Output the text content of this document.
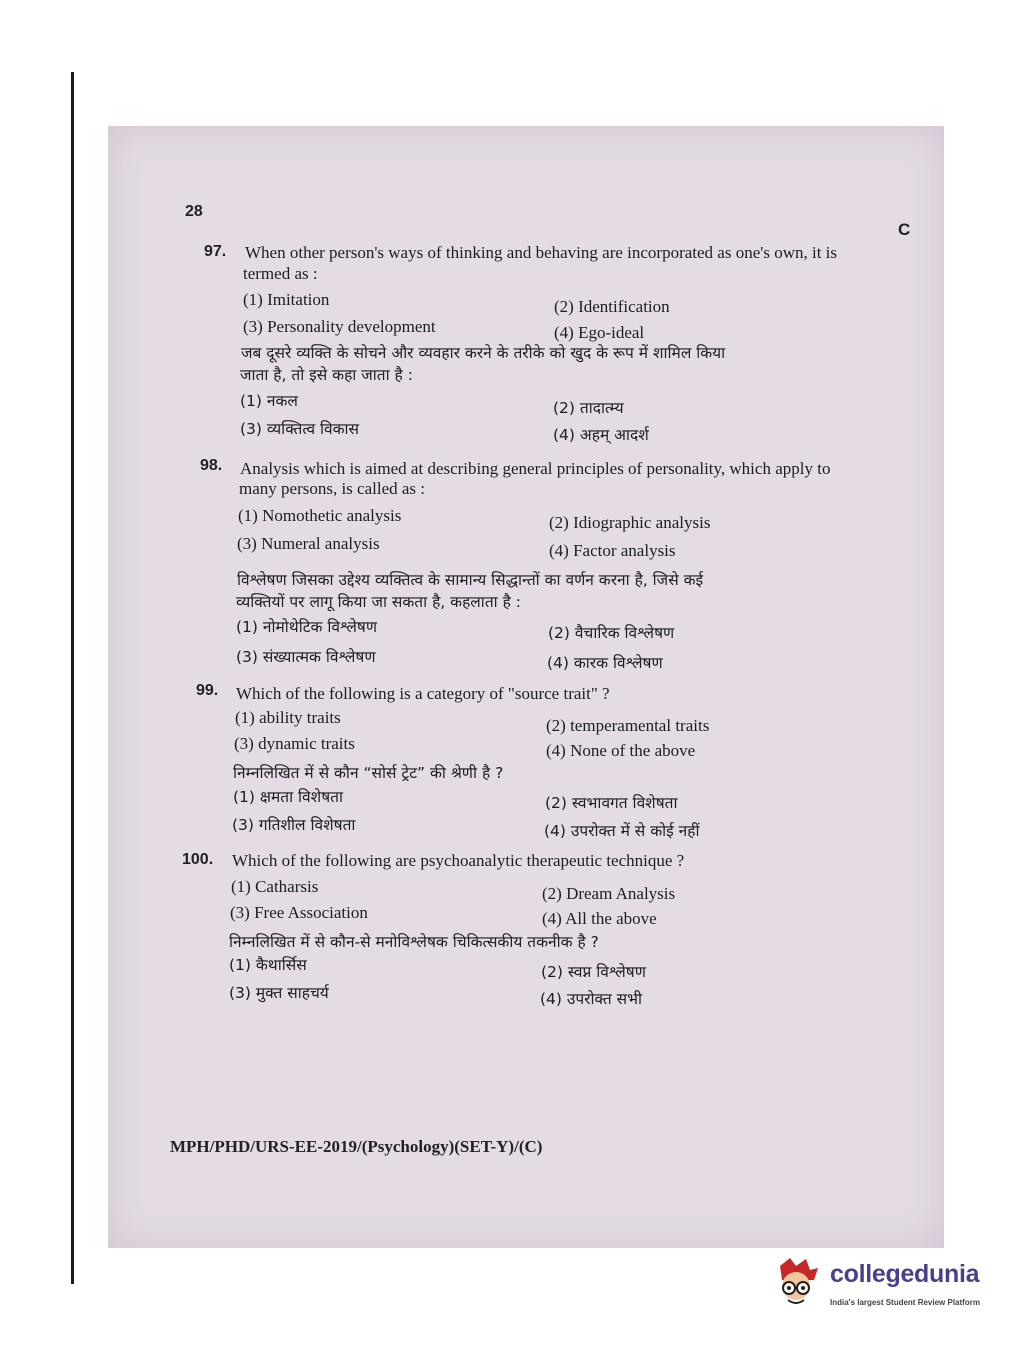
28
C
97. When other person's ways of thinking and behaving are incorporated as one's own, it is
termed as :
(1) Imitation	(2) Identification
(3) Personality development	(4) Ego-ideal
जब दूसरे व्यक्ति के सोचने और व्यवहार करने के तरीके को खुद के रूप में शामिल किया
जाता है, तो इसे कहा जाता है :
(1) नकल	(2) तादात्म्य
(3) व्यक्तित्व विकास	(4) अहम् आदर्श
98. Analysis which is aimed at describing general principles of personality, which apply to
many persons, is called as :
(1) Nomothetic analysis	(2) Idiographic analysis
(3) Numeral analysis	(4) Factor analysis
विश्लेषण जिसका उद्देश्य व्यक्तित्व के सामान्य सिद्धान्तों का वर्णन करना है, जिसे कई
व्यक्तियों पर लागू किया जा सकता है, कहलाता है :
(1) नोमोथेटिक विश्लेषण	(2) वैचारिक विश्लेषण
(3) संख्यात्मक विश्लेषण	(4) कारक विश्लेषण
99. Which of the following is a category of "source trait" ?
(1) ability traits	(2) temperamental traits
(3) dynamic traits	(4) None of the above
निम्नलिखित में से कौन “सोर्स ट्रेट” की श्रेणी है ?
(1) क्षमता विशेषता	(2) स्वभावगत विशेषता
(3) गतिशील विशेषता	(4) उपरोक्त में से कोई नहीं
100. Which of the following are psychoanalytic therapeutic technique ?
(1) Catharsis	(2) Dream Analysis
(3) Free Association	(4) All the above
निम्नलिखित में से कौन-से मनोविश्लेषक चिकित्सकीय तकनीक है ?
(1) कैथार्सिस	(2) स्वप्न विश्लेषण
(3) मुक्त साहचर्य	(4) उपरोक्त सभी
MPH/PHD/URS-EE-2019/(Psychology)(SET-Y)/(C)
collegedunia
India's largest Student Review Platform
